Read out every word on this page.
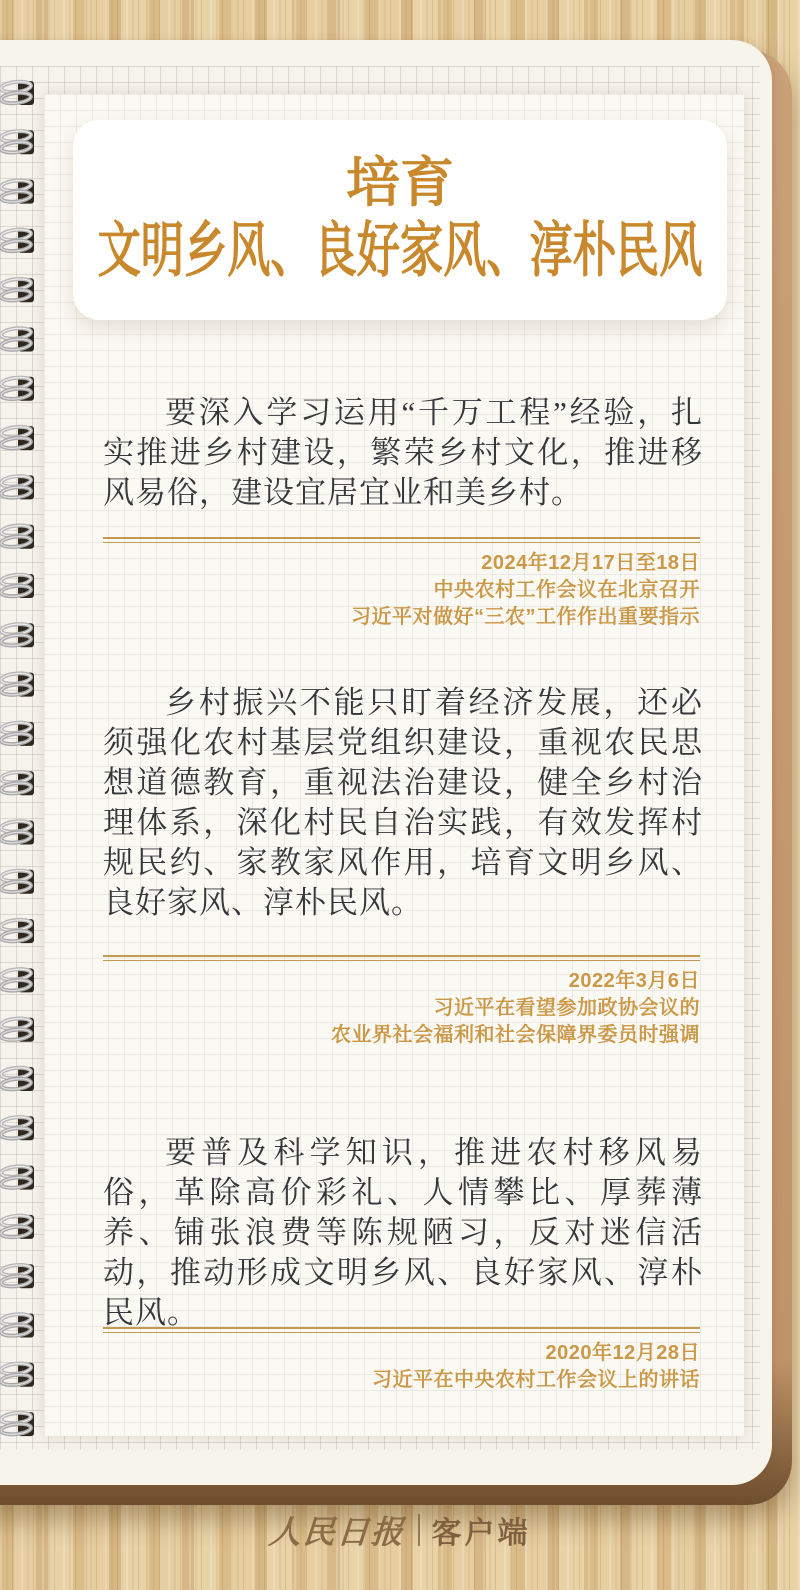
培育
文明乡风、良好家风、淳朴民风

要深入学习运用“千万工程”经验，扎实推进乡村建设，繁荣乡村文化，推进移风易俗，建设宜居宜业和美乡村。

2024年12月17日至18日
中央农村工作会议在北京召开
习近平对做好“三农”工作作出重要指示

乡村振兴不能只盯着经济发展，还必须强化农村基层党组织建设，重视农民思想道德教育，重视法治建设，健全乡村治理体系，深化村民自治实践，有效发挥村规民约、家教家风作用，培育文明乡风、良好家风、淳朴民风。

2022年3月6日
习近平在看望参加政协会议的
农业界社会福利和社会保障界委员时强调

要普及科学知识，推进农村移风易俗，革除高价彩礼、人情攀比、厚葬薄养、铺张浪费等陈规陋习，反对迷信活动，推动形成文明乡风、良好家风、淳朴民风。

2020年12月28日
习近平在中央农村工作会议上的讲话
人民日报 客户端
